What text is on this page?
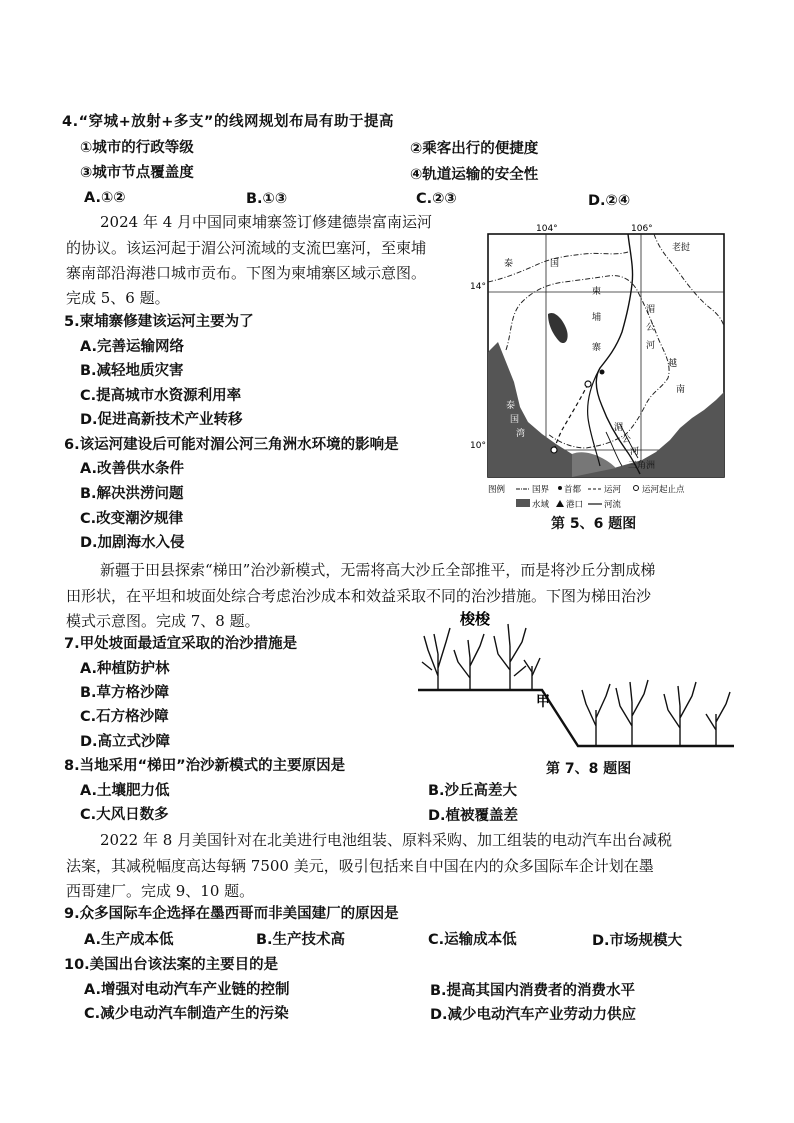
4.“穿城+放射+多支”的线网规划布局有助于提高
①城市的行政等级	②乘客出行的便捷度
③城市节点覆盖度	④轨道运输的安全性
A.①②	B.①③	C.②③	D.②④
2024 年 4 月中国同柬埔寨签订修建德崇富南运河
的协议。该运河起于湄公河流域的支流巴塞河，至柬埔
寨南部沿海港口城市贡布。下图为柬埔寨区域示意图。
完成 5、6 题。
5.柬埔寨修建该运河主要为了
A.完善运输网络
B.减轻地质灾害
C.提高城市水资源利用率
D.促进高新技术产业转移
6.该运河建设后可能对湄公河三角洲水环境的影响是
A.改善供水条件
B.解决洪涝问题
C.改变潮汐规律
D.加剧海水入侵
104°	106°
14°
10°
泰	国
老挝
柬
埔
寨
湄
公
河
越
南
湄
公
河
三角洲
泰
国
湾
图例	国界 首都	运河 运河起止点
水域 港口 河流
第 5、6 题图
新疆于田县探索“梯田”治沙新模式，无需将高大沙丘全部推平，而是将沙丘分割成梯
田形状，在平坦和坡面处综合考虑治沙成本和效益采取不同的治沙措施。下图为梯田治沙
模式示意图。完成 7、8 题。
7.甲处坡面最适宜采取的治沙措施是
A.种植防护林
B.草方格沙障
C.石方格沙障
D.高立式沙障
梭梭
甲
第 7、8 题图
8.当地采用“梯田”治沙新模式的主要原因是
A.土壤肥力低	B.沙丘高差大
C.大风日数多	D.植被覆盖差
2022 年 8 月美国针对在北美进行电池组装、原料采购、加工组装的电动汽车出台减税
法案，其减税幅度高达每辆 7500 美元，吸引包括来自中国在内的众多国际车企计划在墨
西哥建厂。完成 9、10 题。
9.众多国际车企选择在墨西哥而非美国建厂的原因是
A.生产成本低	B.生产技术高	C.运输成本低	D.市场规模大
10.美国出台该法案的主要目的是
A.增强对电动汽车产业链的控制	B.提高其国内消费者的消费水平
C.减少电动汽车制造产生的污染	D.减少电动汽车产业劳动力供应
